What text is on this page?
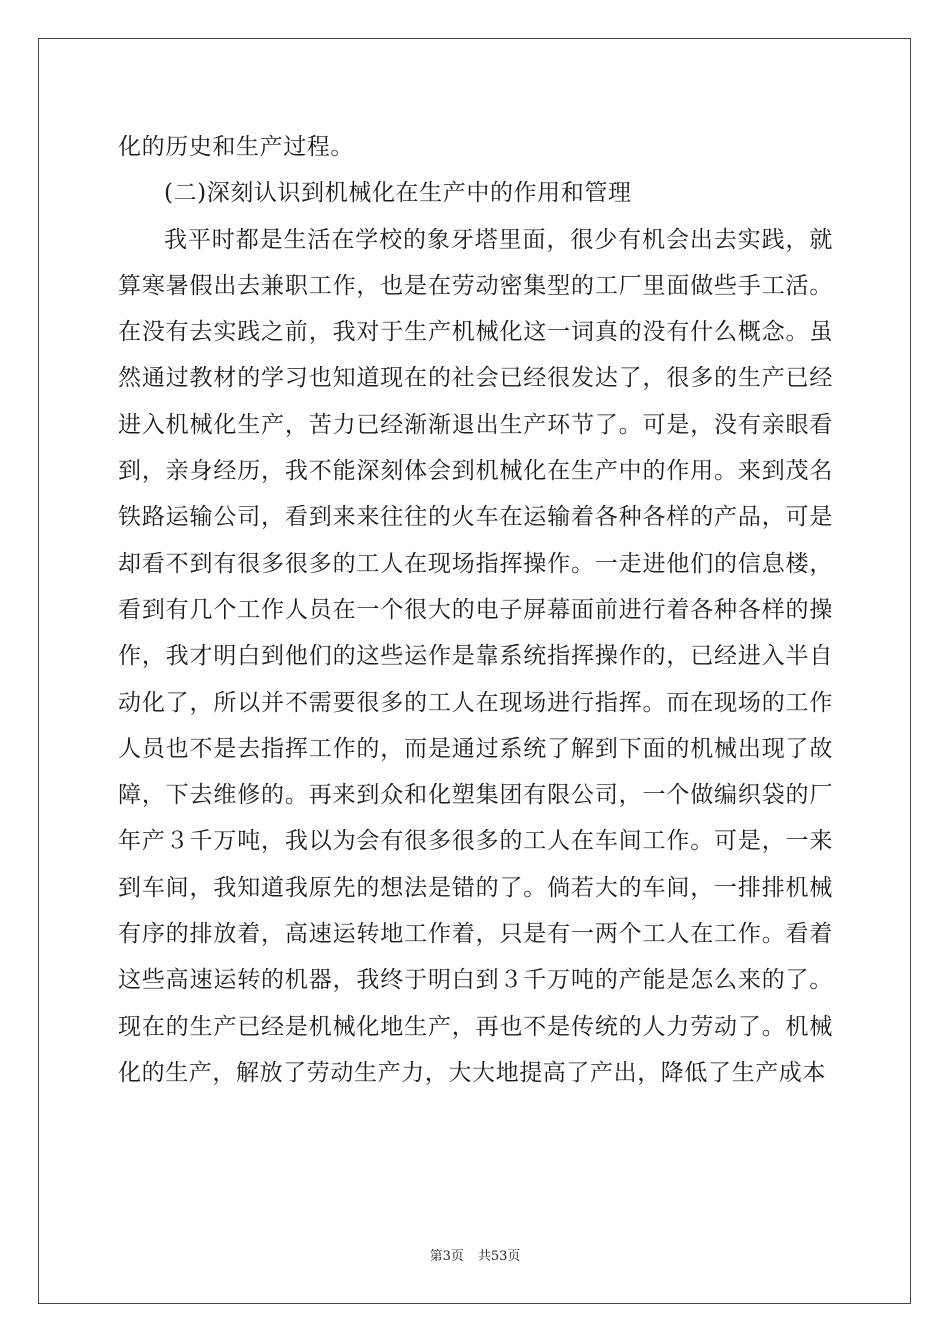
化的历史和生产过程。

(二)深刻认识到机械化在生产中的作用和管理

我平时都是生活在学校的象牙塔里面，很少有机会出去实践，就算寒暑假出去兼职工作，也是在劳动密集型的工厂里面做些手工活。在没有去实践之前，我对于生产机械化这一词真的没有什么概念。虽然通过教材的学习也知道现在的社会已经很发达了，很多的生产已经进入机械化生产，苦力已经渐渐退出生产环节了。可是，没有亲眼看到，亲身经历，我不能深刻体会到机械化在生产中的作用。来到茂名铁路运输公司，看到来来往往的火车在运输着各种各样的产品，可是却看不到有很多很多的工人在现场指挥操作。一走进他们的信息楼，看到有几个工作人员在一个很大的电子屏幕面前进行着各种各样的操作，我才明白到他们的这些运作是靠系统指挥操作的，已经进入半自动化了，所以并不需要很多的工人在现场进行指挥。而在现场的工作人员也不是去指挥工作的，而是通过系统了解到下面的机械出现了故障，下去维修的。再来到众和化塑集团有限公司，一个做编织袋的厂年产３千万吨，我以为会有很多很多的工人在车间工作。可是，一来到车间，我知道我原先的想法是错的了。倘若大的车间，一排排机械有序的排放着，高速运转地工作着，只是有一两个工人在工作。看着这些高速运转的机器，我终于明白到３千万吨的产能是怎么来的了。现在的生产已经是机械化地生产，再也不是传统的人力劳动了。机械化的生产，解放了劳动生产力，大大地提高了产出，降低了生产成本

第3页 共53页
